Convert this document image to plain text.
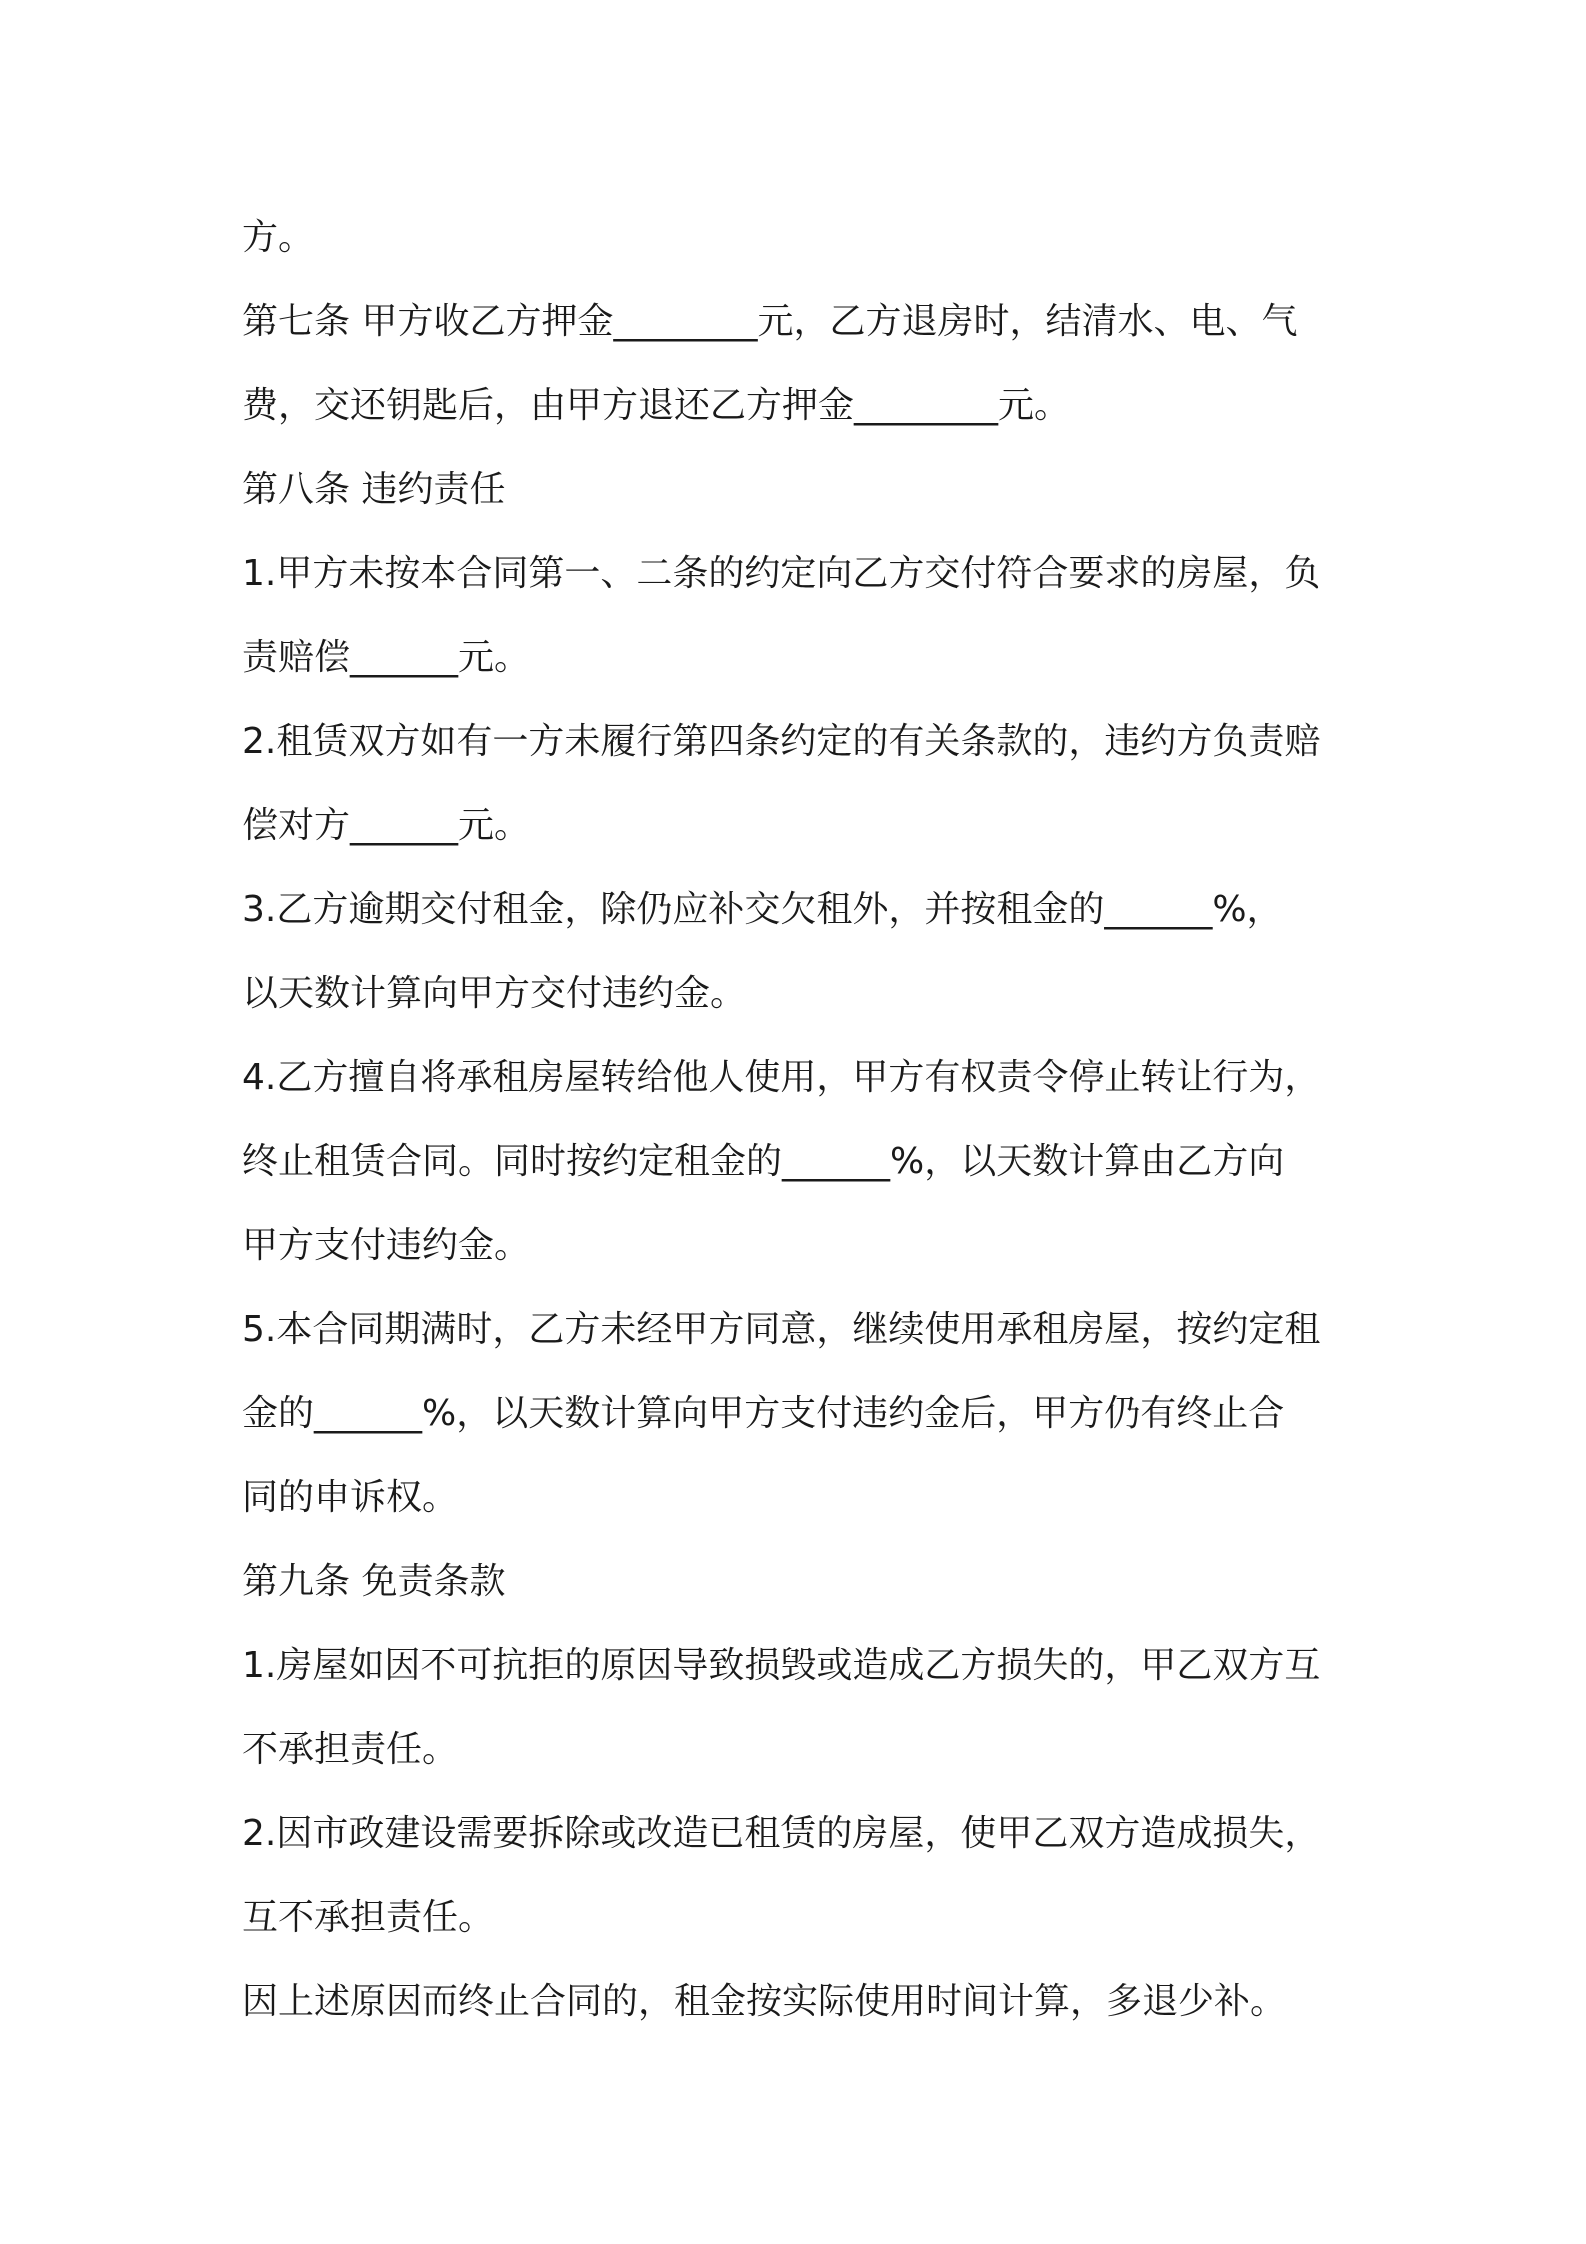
方。

第七条 甲方收乙方押金________元，乙方退房时，结清水、电、气

费，交还钥匙后，由甲方退还乙方押金________元。

第八条 违约责任

1.甲方未按本合同第一、二条的约定向乙方交付符合要求的房屋，负

责赔偿______元。

2.租赁双方如有一方未履行第四条约定的有关条款的，违约方负责赔

偿对方______元。

3.乙方逾期交付租金，除仍应补交欠租外，并按租金的______%，

以天数计算向甲方交付违约金。

4.乙方擅自将承租房屋转给他人使用，甲方有权责令停止转让行为，

终止租赁合同。同时按约定租金的______%，以天数计算由乙方向

甲方支付违约金。

5.本合同期满时，乙方未经甲方同意，继续使用承租房屋，按约定租

金的______%，以天数计算向甲方支付违约金后，甲方仍有终止合

同的申诉权。

第九条 免责条款

1.房屋如因不可抗拒的原因导致损毁或造成乙方损失的，甲乙双方互

不承担责任。

2.因市政建设需要拆除或改造已租赁的房屋，使甲乙双方造成损失，

互不承担责任。

因上述原因而终止合同的，租金按实际使用时间计算，多退少补。
